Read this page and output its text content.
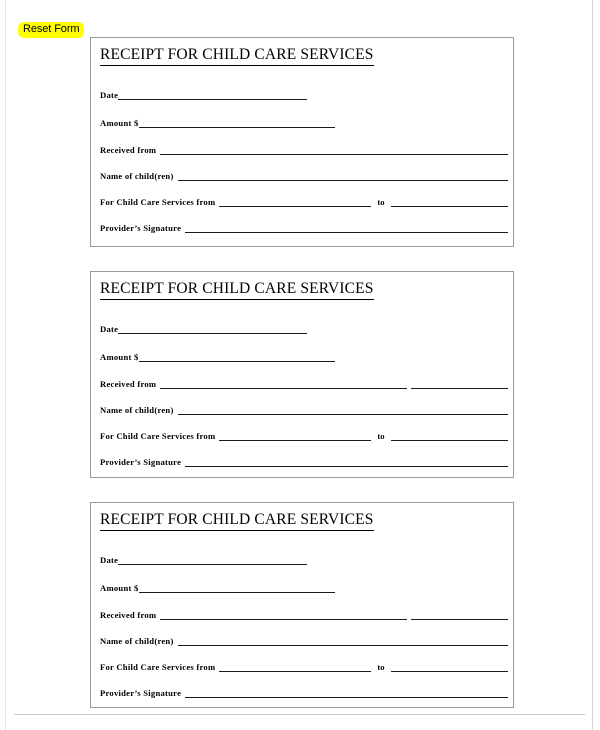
Reset Form
RECEIPT FOR CHILD CARE SERVICES
Date
Amount $
Received from
Name of child(ren)
For Child Care Services from	to
Provider’s Signature
RECEIPT FOR CHILD CARE SERVICES
Date
Amount $
Received from
Name of child(ren)
For Child Care Services from	to
Provider’s Signature
RECEIPT FOR CHILD CARE SERVICES
Date
Amount $
Received from
Name of child(ren)
For Child Care Services from	to
Provider’s Signature
